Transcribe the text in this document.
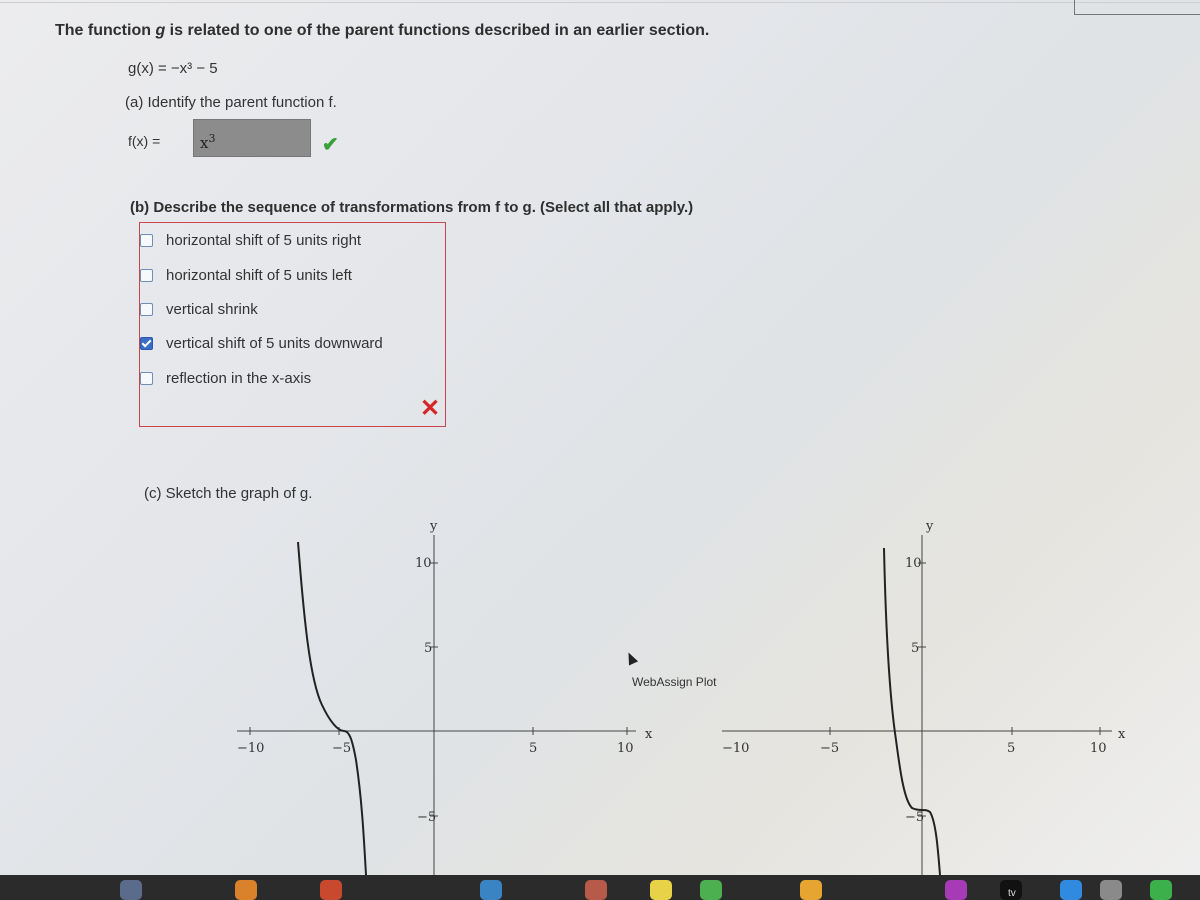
The function g is related to one of the parent functions described in an earlier section.
g(x) = −x³ − 5
(a) Identify the parent function f.
f(x) =	$x^3$	✔
(b) Describe the sequence of transformations from f to g. (Select all that apply.)
horizontal shift of 5 units right
horizontal shift of 5 units left
vertical shrink
vertical shift of 5 units downward
reflection in the x-axis
✕
(c) Sketch the graph of g.
y
x
−10	−5	5	10
10
5
−5
y
x
−10	−5	5	10
10
5
−5
WebAssign Plot
tv
